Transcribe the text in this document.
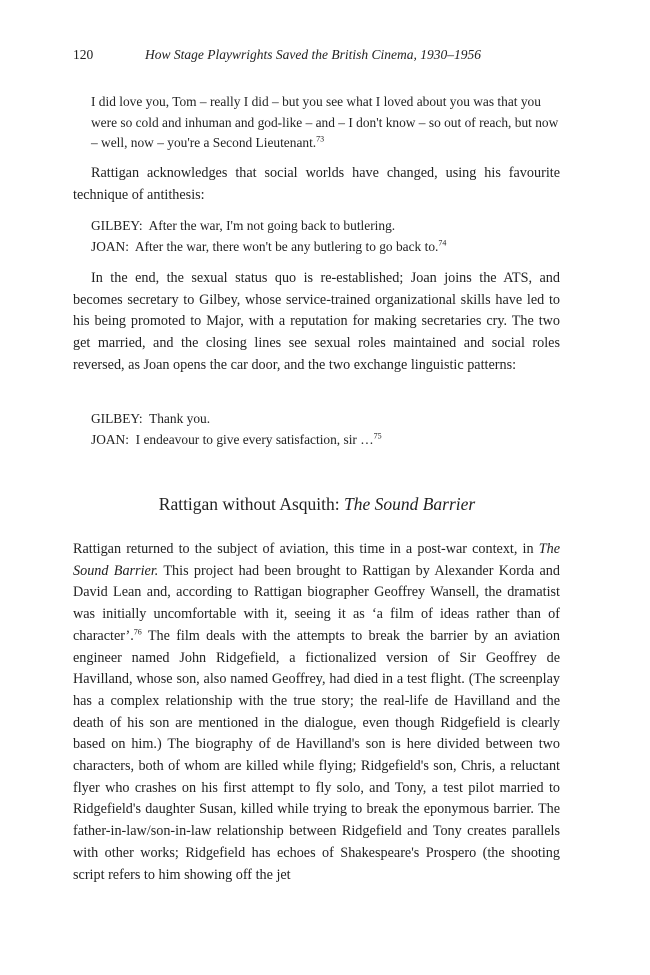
120	How Stage Playwrights Saved the British Cinema, 1930–1956
I did love you, Tom – really I did – but you see what I loved about you was that you were so cold and inhuman and god-like – and – I don't know – so out of reach, but now – well, now – you're a Second Lieutenant.$^{73}$
Rattigan acknowledges that social worlds have changed, using his favourite technique of antithesis:
GILBEY: After the war, I'm not going back to butlering.
JOAN: After the war, there won't be any butlering to go back to.$^{74}$
In the end, the sexual status quo is re-established; Joan joins the ATS, and becomes secretary to Gilbey, whose service-trained organizational skills have led to his being promoted to Major, with a reputation for making secretaries cry. The two get married, and the closing lines see sexual roles maintained and social roles reversed, as Joan opens the car door, and the two exchange linguistic patterns:
GILBEY: Thank you.
JOAN: I endeavour to give every satisfaction, sir …$^{75}$
Rattigan without Asquith: The Sound Barrier
Rattigan returned to the subject of aviation, this time in a post-war context, in The Sound Barrier. This project had been brought to Rattigan by Alexander Korda and David Lean and, according to Rattigan biographer Geoffrey Wansell, the dramatist was initially uncomfortable with it, seeing it as ‘a film of ideas rather than of character’.$^{76}$ The film deals with the attempts to break the barrier by an aviation engineer named John Ridgefield, a fictionalized version of Sir Geoffrey de Havilland, whose son, also named Geoffrey, had died in a test flight. (The screenplay has a complex relationship with the true story; the real-life de Havilland and the death of his son are mentioned in the dialogue, even though Ridgefield is clearly based on him.) The biography of de Havilland's son is here divided between two characters, both of whom are killed while flying; Ridgefield's son, Chris, a reluctant flyer who crashes on his first attempt to fly solo, and Tony, a test pilot married to Ridgefield's daughter Susan, killed while trying to break the eponymous barrier. The father-in-law/son-in-law relationship between Ridgefield and Tony creates parallels with other works; Ridgefield has echoes of Shakespeare's Prospero (the shooting script refers to him showing off the jet
